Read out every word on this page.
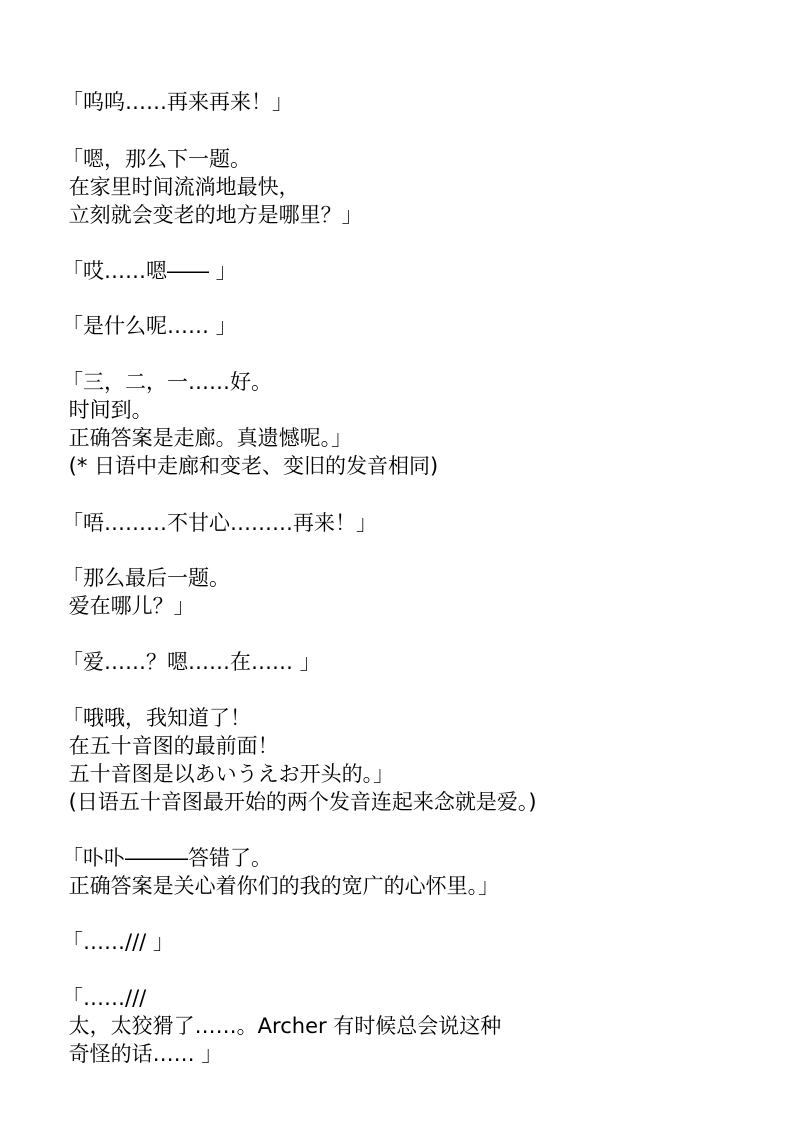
「呜呜……再来再来！」
「嗯，那么下一题。
在家里时间流淌地最快，
立刻就会变老的地方是哪里？」
「哎……嗯―― 」
「是什么呢…… 」
「三，二，一……好。
时间到。
正确答案是走廊。真遗憾呢。」
(* 日语中走廊和变老、变旧的发音相同)
「唔………不甘心………再来！」
「那么最后一题。
爱在哪儿？」
「爱……？嗯……在…… 」
「哦哦，我知道了！
在五十音图的最前面！
五十音图是以あいうえお开头的。」
(日语五十音图最开始的两个发音连起来念就是爱。)
「卟卟―――答错了。
正确答案是关心着你们的我的宽广的心怀里。」
「……/// 」
「……///
太，太狡猾了……。Archer 有时候总会说这种
奇怪的话…… 」
